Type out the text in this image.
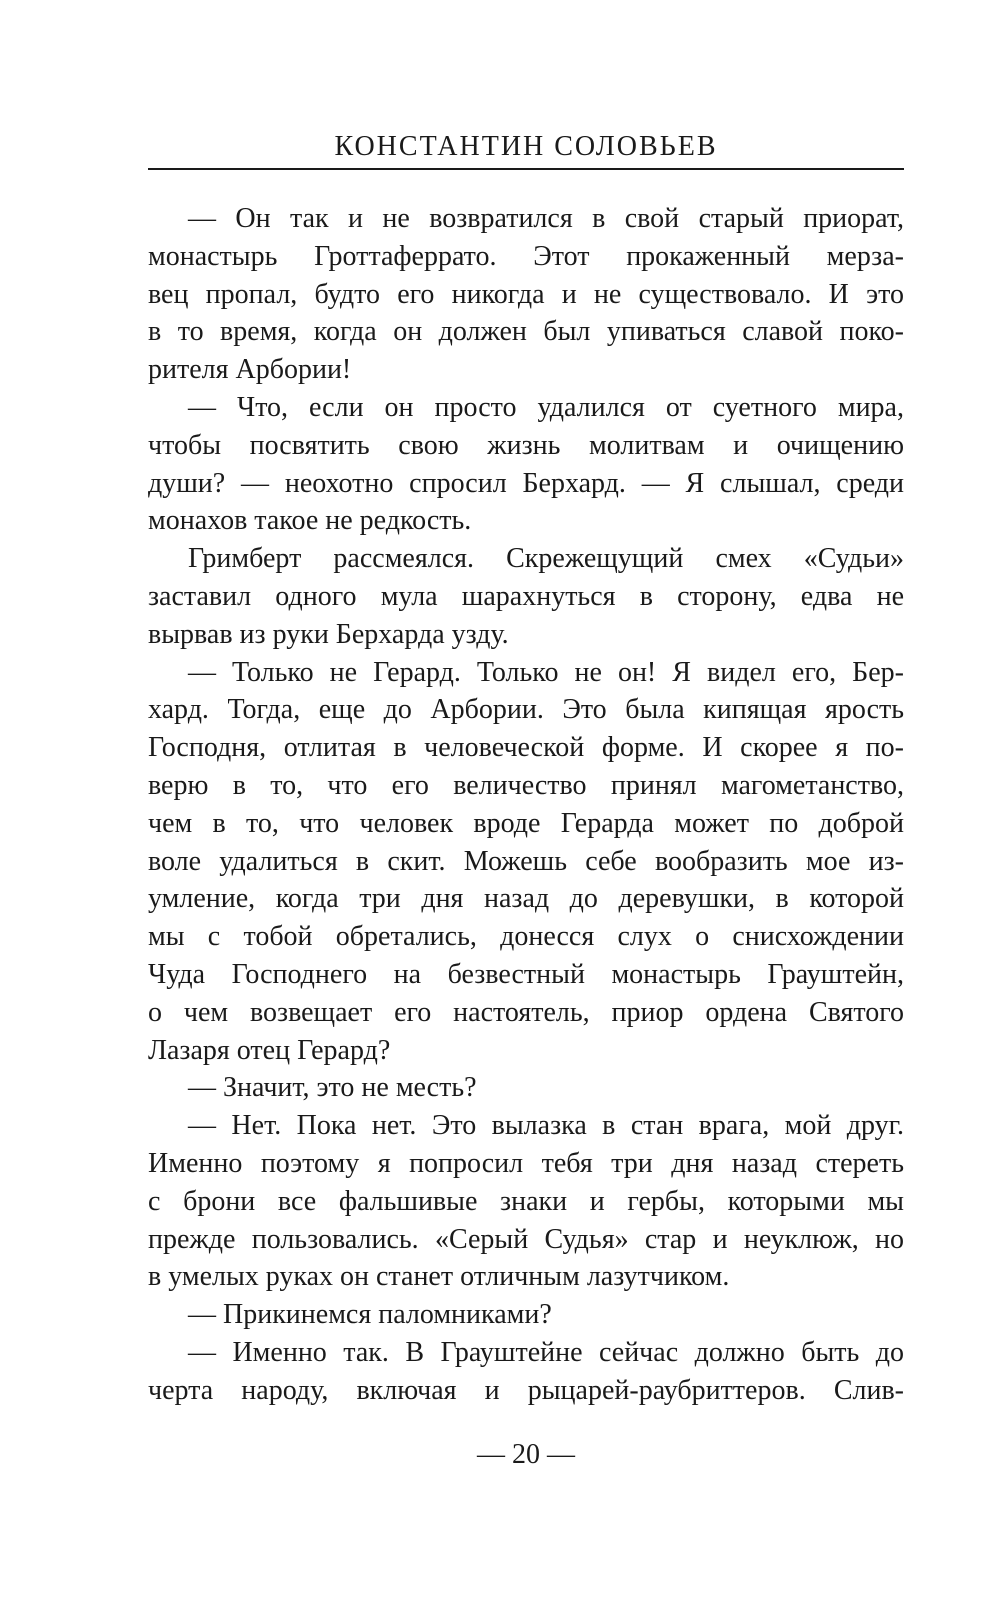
КОНСТАНТИН СОЛОВЬЕВ
— Он так и не возвратился в свой старый приорат,
монастырь Гроттаферрато. Этот прокаженный мерза-
вец пропал, будто его никогда и не существовало. И это
в то время, когда он должен был упиваться славой поко-
рителя Арбории!
— Что, если он просто удалился от суетного мира,
чтобы посвятить свою жизнь молитвам и очищению
души? — неохотно спросил Берхард. — Я слышал, среди
монахов такое не редкость.
Гримберт рассмеялся. Скрежещущий смех «Судьи»
заставил одного мула шарахнуться в сторону, едва не
вырвав из руки Берхарда узду.
— Только не Герард. Только не он! Я видел его, Бер-
хард. Тогда, еще до Арбории. Это была кипящая ярость
Господня, отлитая в человеческой форме. И скорее я по-
верю в то, что его величество принял магометанство,
чем в то, что человек вроде Герарда может по доброй
воле удалиться в скит. Можешь себе вообразить мое из-
умление, когда три дня назад до деревушки, в которой
мы с тобой обретались, донесся слух о снисхождении
Чуда Господнего на безвестный монастырь Грауштейн,
о чем возвещает его настоятель, приор ордена Святого
Лазаря отец Герард?
— Значит, это не месть?
— Нет. Пока нет. Это вылазка в стан врага, мой друг.
Именно поэтому я попросил тебя три дня назад стереть
с брони все фальшивые знаки и гербы, которыми мы
прежде пользовались. «Серый Судья» стар и неуклюж, но
в умелых руках он станет отличным лазутчиком.
— Прикинемся паломниками?
— Именно так. В Грауштейне сейчас должно быть до
черта народу, включая и рыцарей-раубриттеров. Слив-
— 20 —
